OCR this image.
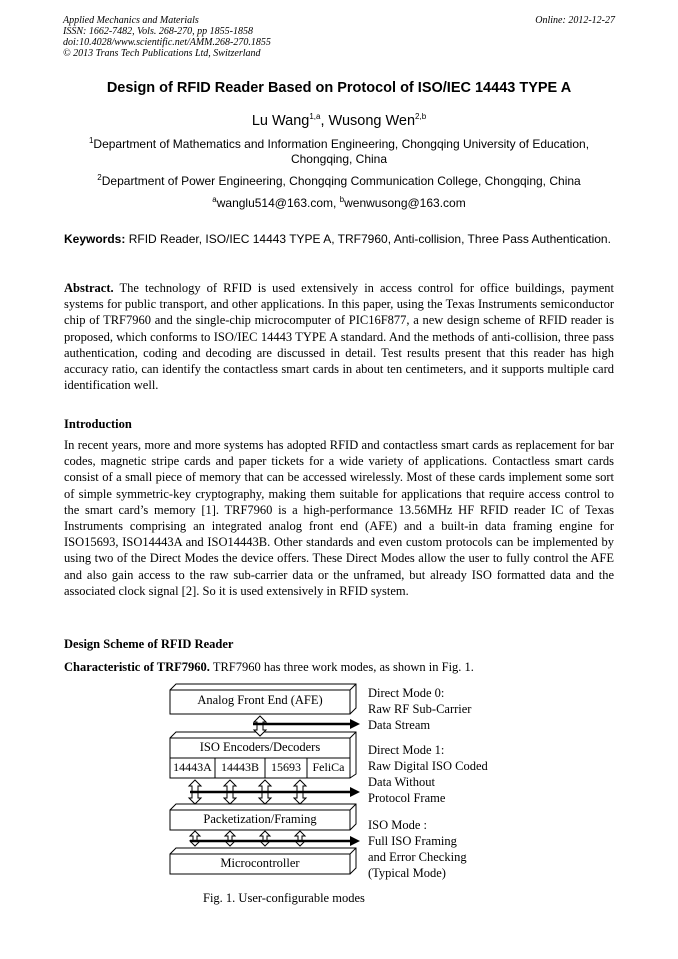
Applied Mechanics and Materials
ISSN: 1662-7482, Vols. 268-270, pp 1855-1858
doi:10.4028/www.scientific.net/AMM.268-270.1855
© 2013 Trans Tech Publications Ltd, Switzerland
Online: 2012-12-27
Design of RFID Reader Based on Protocol of ISO/IEC 14443 TYPE A
Lu Wang$^{1,a}$, Wusong Wen$^{2,b}$
$^1$Department of Mathematics and Information Engineering, Chongqing University of Education, Chongqing, China
$^2$Department of Power Engineering, Chongqing Communication College, Chongqing, China
$^a$wanglu514@163.com, $^b$wenwusong@163.com
Keywords: RFID Reader, ISO/IEC 14443 TYPE A, TRF7960, Anti-collision, Three Pass Authentication.
Abstract. The technology of RFID is used extensively in access control for office buildings, payment systems for public transport, and other applications. In this paper, using the Texas Instruments semiconductor chip of TRF7960 and the single-chip microcomputer of PIC16F877, a new design scheme of RFID reader is proposed, which conforms to ISO/IEC 14443 TYPE A standard. And the methods of anti-collision, three pass authentication, coding and decoding are discussed in detail. Test results present that this reader has high accuracy ratio, can identify the contactless smart cards in about ten centimeters, and it supports multiple card identification well.
Introduction
In recent years, more and more systems has adopted RFID and contactless smart cards as replacement for bar codes, magnetic stripe cards and paper tickets for a wide variety of applications. Contactless smart cards consist of a small piece of memory that can be accessed wirelessly. Most of these cards implement some sort of simple symmetric-key cryptography, making them suitable for applications that require access control to the smart card’s memory [1]. TRF7960 is a high-performance 13.56MHz HF RFID reader IC of Texas Instruments comprising an integrated analog front end (AFE) and a built-in data framing engine for ISO15693, ISO14443A and ISO14443B. Other standards and even custom protocols can be implemented by using two of the Direct Modes the device offers. These Direct Modes allow the user to fully control the AFE and also gain access to the raw sub-carrier data or the unframed, but already ISO formatted data and the associated clock signal [2]. So it is used extensively in RFID system.
Design Scheme of RFID Reader
Characteristic of TRF7960. TRF7960 has three work modes, as shown in Fig. 1.
Analog Front End (AFE)
ISO Encoders/Decoders
14443A 14443B	15693 FeliCa
Packetization/Framing
Microcontroller
Direct Mode 0:
Raw RF Sub-Carrier
Data Stream
Direct Mode 1:
Raw Digital ISO Coded
Data Without
Protocol Frame
ISO Mode :
Full ISO Framing
and Error Checking
(Typical Mode)
Fig. 1. User-configurable modes
